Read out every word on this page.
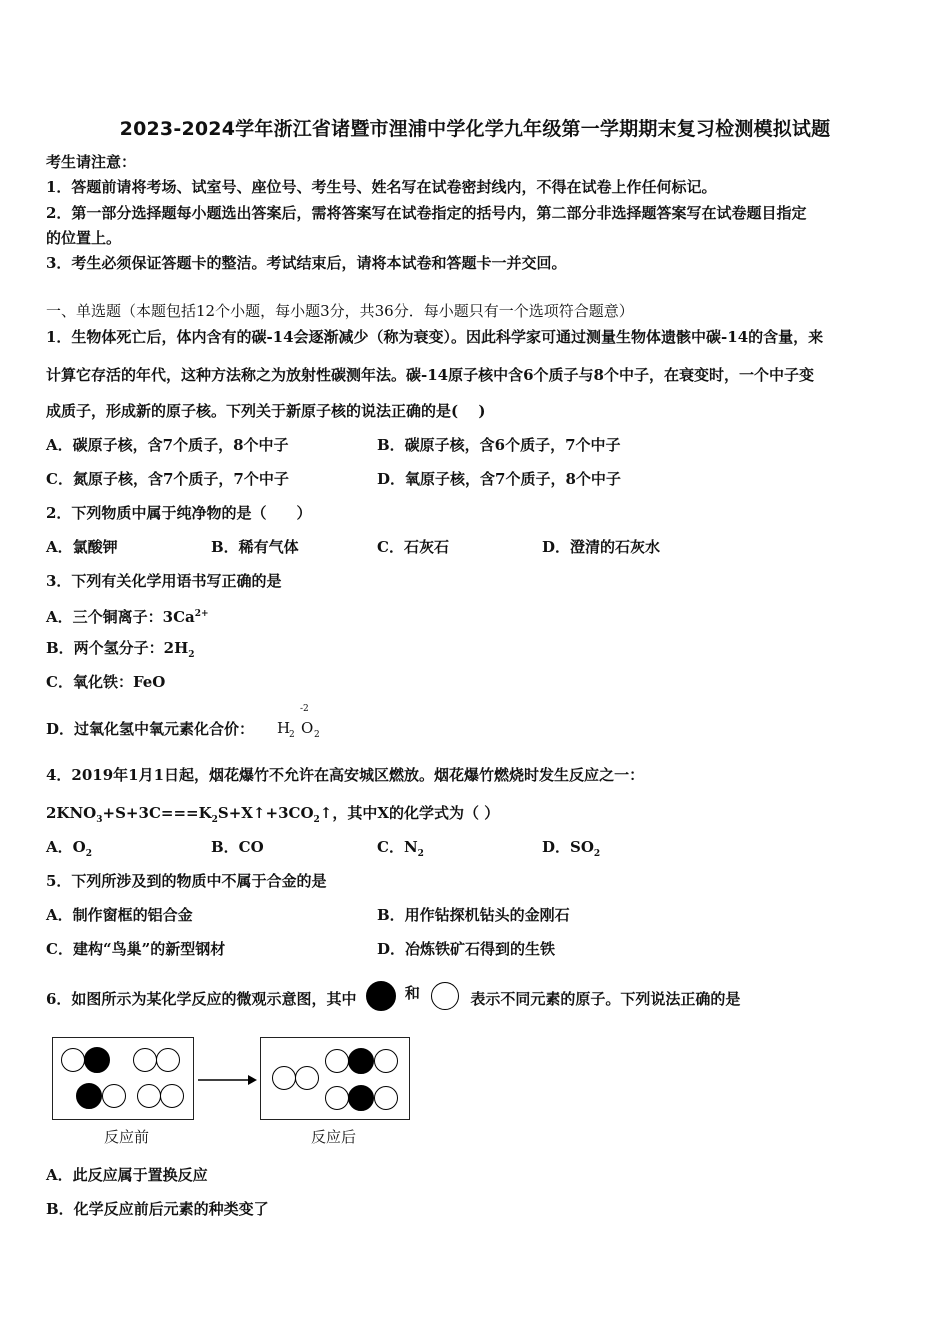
2023-2024学年浙江省诸暨市浬浦中学化学九年级第一学期期末复习检测模拟试题
考生请注意：
1．答题前请将考场、试室号、座位号、考生号、姓名写在试卷密封线内，不得在试卷上作任何标记。
2．第一部分选择题每小题选出答案后，需将答案写在试卷指定的括号内，第二部分非选择题答案写在试卷题目指定
的位置上。
3．考生必须保证答题卡的整洁。考试结束后，请将本试卷和答题卡一并交回。
一、单选题（本题包括12个小题，每小题3分，共36分．每小题只有一个选项符合题意）
1．生物体死亡后，体内含有的碳-14会逐渐减少（称为衰变）。因此科学家可通过测量生物体遗骸中碳-14的含量，来
计算它存活的年代，这种方法称之为放射性碳测年法。碳-14原子核中含6个质子与8个中子，在衰变时，一个中子变
成质子，形成新的原子核。下列关于新原子核的说法正确的是(　 )
A．碳原子核，含7个质子，8个中子	B．碳原子核，含6个质子，7个中子
C．氮原子核，含7个质子，7个中子	D．氧原子核，含7个质子，8个中子
2．下列物质中属于纯净物的是（　　）
A．氯酸钾	B．稀有气体	C．石灰石	D．澄清的石灰水
3．下列有关化学用语书写正确的是
A．三个铜离子：$3Ca^{2+}$
B．两个氢分子：$2H_2$
C．氧化铁：FeO
D．过氧化氢中氧元素化合价： H
2
-2
O 2
4．2019年1月1日起，烟花爆竹不允许在高安城区燃放。烟花爆竹燃烧时发生反应之一：
$2KNO_3+S+3C===K_2S+X↑+3CO_2↑$，其中X的化学式为（ ）
A．$O_2$	B．CO	C．$N_2$	D．$SO_2$
5．下列所涉及到的物质中不属于合金的是
A．制作窗框的铝合金	B．用作钻探机钻头的金刚石
C．建构“鸟巢”的新型钢材	D．冶炼铁矿石得到的生铁
6．如图所示为某化学反应的微观示意图，其中	和	表示不同元素的原子。下列说法正确的是
反应前	反应后
A．此反应属于置换反应
B．化学反应前后元素的种类变了
